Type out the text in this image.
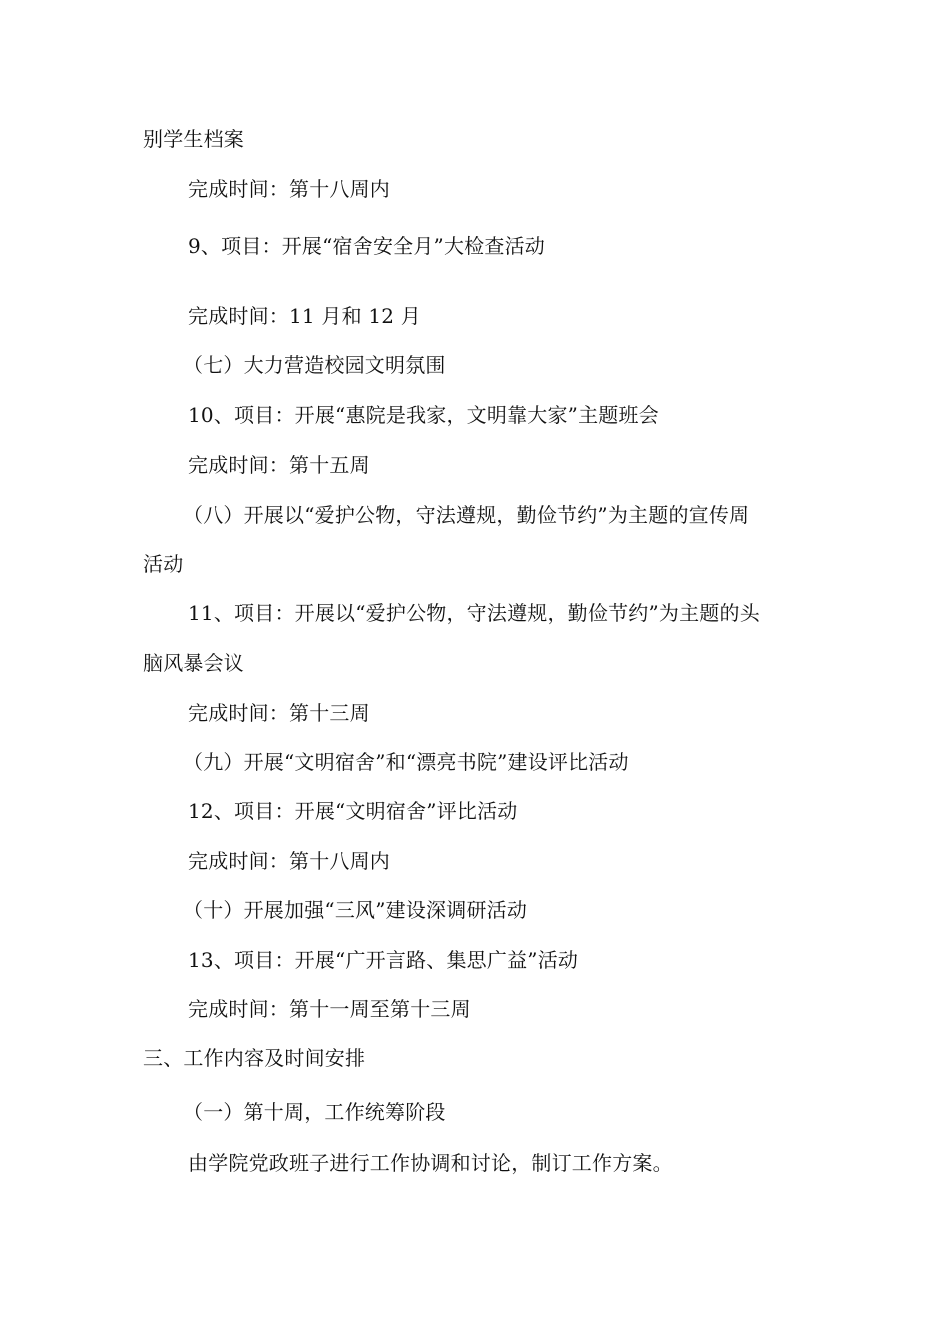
别学生档案
完成时间：第十八周内
9、项目：开展“宿舍安全月”大检查活动
完成时间：11 月和 12 月
（七）大力营造校园文明氛围
10、项目：开展“惠院是我家，文明靠大家”主题班会
完成时间：第十五周
（八）开展以“爱护公物，守法遵规，勤俭节约”为主题的宣传周
活动
11、项目：开展以“爱护公物，守法遵规，勤俭节约”为主题的头
脑风暴会议
完成时间：第十三周
（九）开展“文明宿舍”和“漂亮书院”建设评比活动
12、项目：开展“文明宿舍”评比活动
完成时间：第十八周内
（十）开展加强“三风”建设深调研活动
13、项目：开展“广开言路、集思广益”活动
完成时间：第十一周至第十三周
三、工作内容及时间安排
（一）第十周，工作统筹阶段
由学院党政班子进行工作协调和讨论，制订工作方案。
